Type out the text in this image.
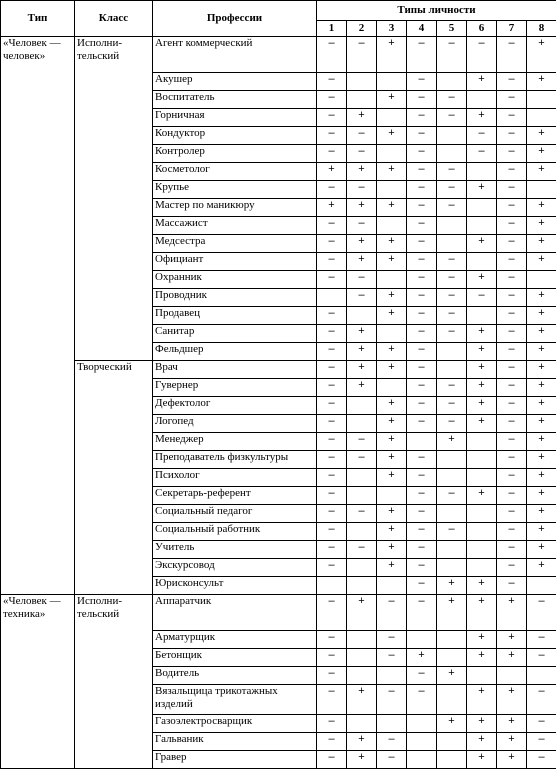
Тип	Класс	Профессии	Типы личности							
			1	2	3	4	5	6	7	8
«Человек — человек»	Исполни-тельский	Агент коммерческий	–	–	+	–	–	–	–	+
		Акушер	–			–		+	–	+
		Воспитатель	–		+	–	–		–	
		Горничная	–	+		–	–	+	–	
		Кондуктор	–	–	+	–		–	–	+
		Контролер	–	–		–		–	–	+
		Косметолог	+	+	+	–	–		–	+
		Крупье	–	–		–	–	+	–	
		Мастер по маникюру	+	+	+	–	–		–	+
		Массажист	–	–		–			–	+
		Медсестра	–	+	+	–		+	–	+
		Официант	–	+	+	–	–		–	+
		Охранник	–	–		–	–	+	–	
		Проводник		–	+	–	–	–	–	+
		Продавец	–		+	–	–		–	+
		Санитар	–	+		–	–	+	–	+
		Фельдшер	–	+	+	–		+	–	+
	Творческий	Врач	–	+	+	–		+	–	+
		Гувернер	–	+		–	–	+	–	+
		Дефектолог	–		+	–	–	+	–	+
		Логопед	–		+	–	–	+	–	+
		Менеджер	–	–	+		+		–	+
		Преподаватель физкультуры	–	–	+	–			–	+
		Психолог	–		+	–			–	+
		Секретарь-референт	–			–	–	+	–	+
		Социальный педагог	–	–	+	–			–	+
		Социальный работник	–		+	–	–		–	+
		Учитель	–	–	+	–			–	+
		Экскурсовод	–		+	–			–	+
		Юрисконсульт				–	+	+	–	
«Человек — техника»	Исполни-тельский	Аппаратчик	–	+	–	–	+	+	+	–
		Арматурщик	–		–			+	+	–
		Бетонщик	–		–	+		+	+	–
		Водитель	–			–	+			
		Вязальщица трикотажных изделий	–	+	–	–		+	+	–
		Газоэлектросварщик	–				+	+	+	–
		Гальваник	–	+	–			+	+	–
		Гравер	–	+	–			+	+	–
